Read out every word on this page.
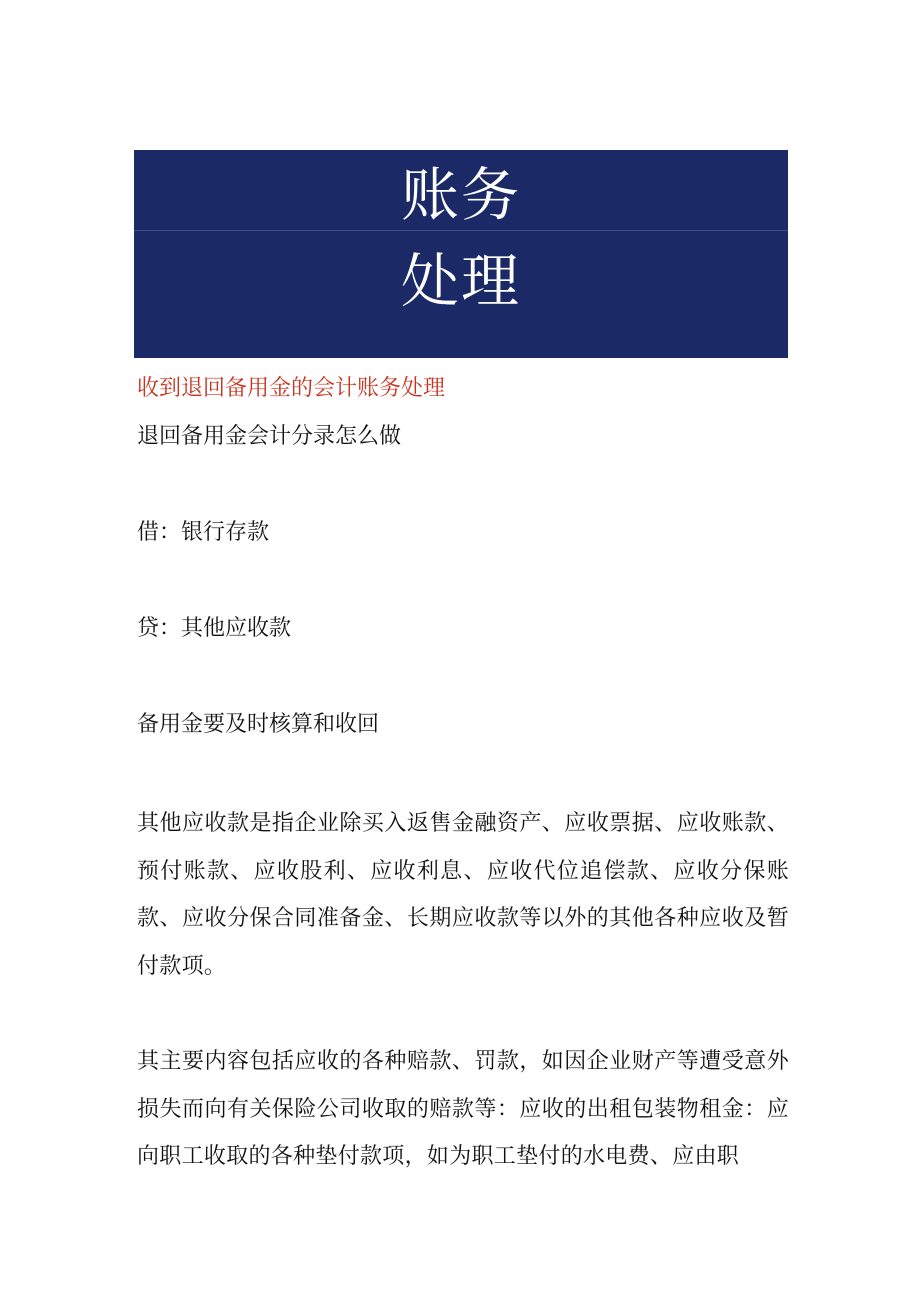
账务
处理
收到退回备用金的会计账务处理
退回备用金会计分录怎么做
借：银行存款
贷：其他应收款
备用金要及时核算和收回
其他应收款是指企业除买入返售金融资产、应收票据、应收账款、预付账款、应收股利、应收利息、应收代位追偿款、应收分保账款、应收分保合同准备金、长期应收款等以外的其他各种应收及暂付款项。
其主要内容包括应收的各种赔款、罚款，如因企业财产等遭受意外损失而向有关保险公司收取的赔款等：应收的出租包装物租金：应向职工收取的各种垫付款项，如为职工垫付的水电费、应由职
